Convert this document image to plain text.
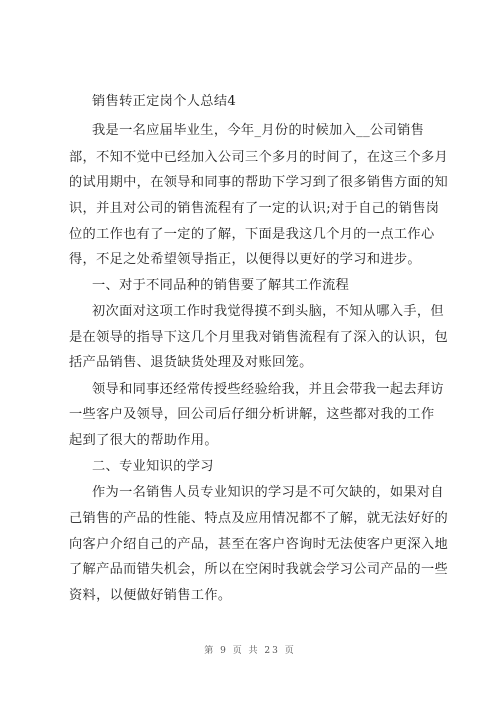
销售转正定岗个人总结4
我是一名应届毕业生，今年_月份的时候加入__公司销售
部，不知不觉中已经加入公司三个多月的时间了，在这三个多月
的试用期中，在领导和同事的帮助下学习到了很多销售方面的知
识，并且对公司的销售流程有了一定的认识;对于自己的销售岗
位的工作也有了一定的了解，下面是我这几个月的一点工作心
得，不足之处希望领导指正，以便得以更好的学习和进步。
一、对于不同品种的销售要了解其工作流程
初次面对这项工作时我觉得摸不到头脑，不知从哪入手，但
是在领导的指导下这几个月里我对销售流程有了深入的认识，包
括产品销售、退货缺货处理及对账回笼。
领导和同事还经常传授些经验给我，并且会带我一起去拜访
一些客户及领导，回公司后仔细分析讲解，这些都对我的工作
起到了很大的帮助作用。
二、专业知识的学习
作为一名销售人员专业知识的学习是不可欠缺的，如果对自
己销售的产品的性能、特点及应用情况都不了解，就无法好好的
向客户介绍自己的产品，甚至在客户咨询时无法使客户更深入地
了解产品而错失机会，所以在空闲时我就会学习公司产品的一些
资料，以便做好销售工作。
第 9 页 共 23 页
